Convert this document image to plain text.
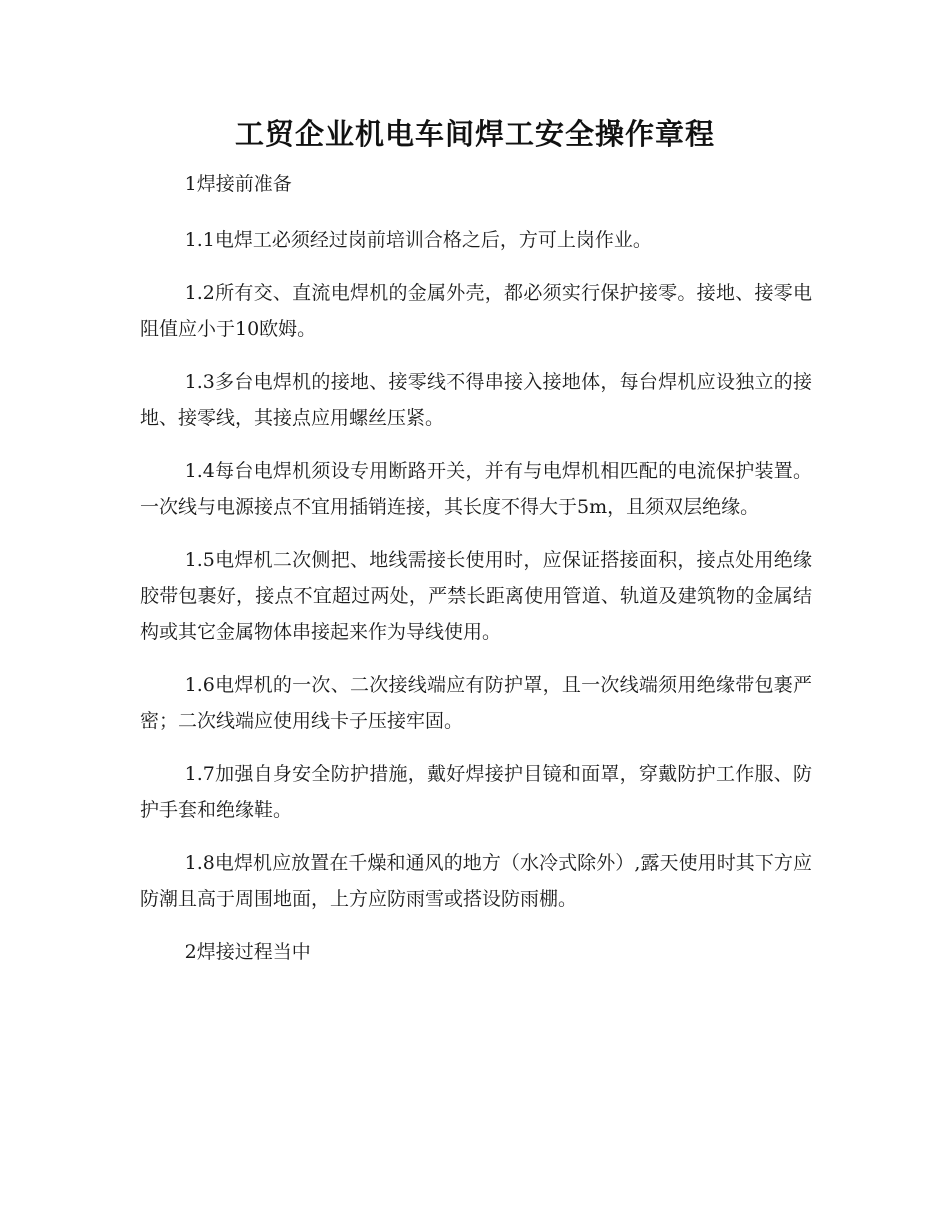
工贸企业机电车间焊工安全操作章程

1焊接前准备

1.1电焊工必须经过岗前培训合格之后，方可上岗作业。

1.2所有交、直流电焊机的金属外壳，都必须实行保护接零。接地、接零电 阻值应小于10欧姆。

1.3多台电焊机的接地、接零线不得串接入接地体，每台焊机应设独立的接 地、接零线，其接点应用螺丝压紧。

1.4每台电焊机须设专用断路开关，并有与电焊机相匹配的电流保护装置。 一次线与电源接点不宜用插销连接，其长度不得大于5m，且须双层绝缘。

1.5电焊机二次侧把、地线需接长使用时，应保证搭接面积，接点处用绝缘 胶带包裹好，接点不宜超过两处，严禁长距离使用管道、轨道及建筑物的金属结 构或其它金属物体串接起来作为导线使用。

1.6电焊机的一次、二次接线端应有防护罩，且一次线端须用绝缘带包裹严 密；二次线端应使用线卡子压接牢固。

1.7加强自身安全防护措施，戴好焊接护目镜和面罩，穿戴防护工作服、防 护手套和绝缘鞋。

1.8电焊机应放置在千燥和通风的地方（水冷式除外）,露天使用时其下方应 防潮且高于周围地面，上方应防雨雪或搭设防雨棚。

2焊接过程当中
